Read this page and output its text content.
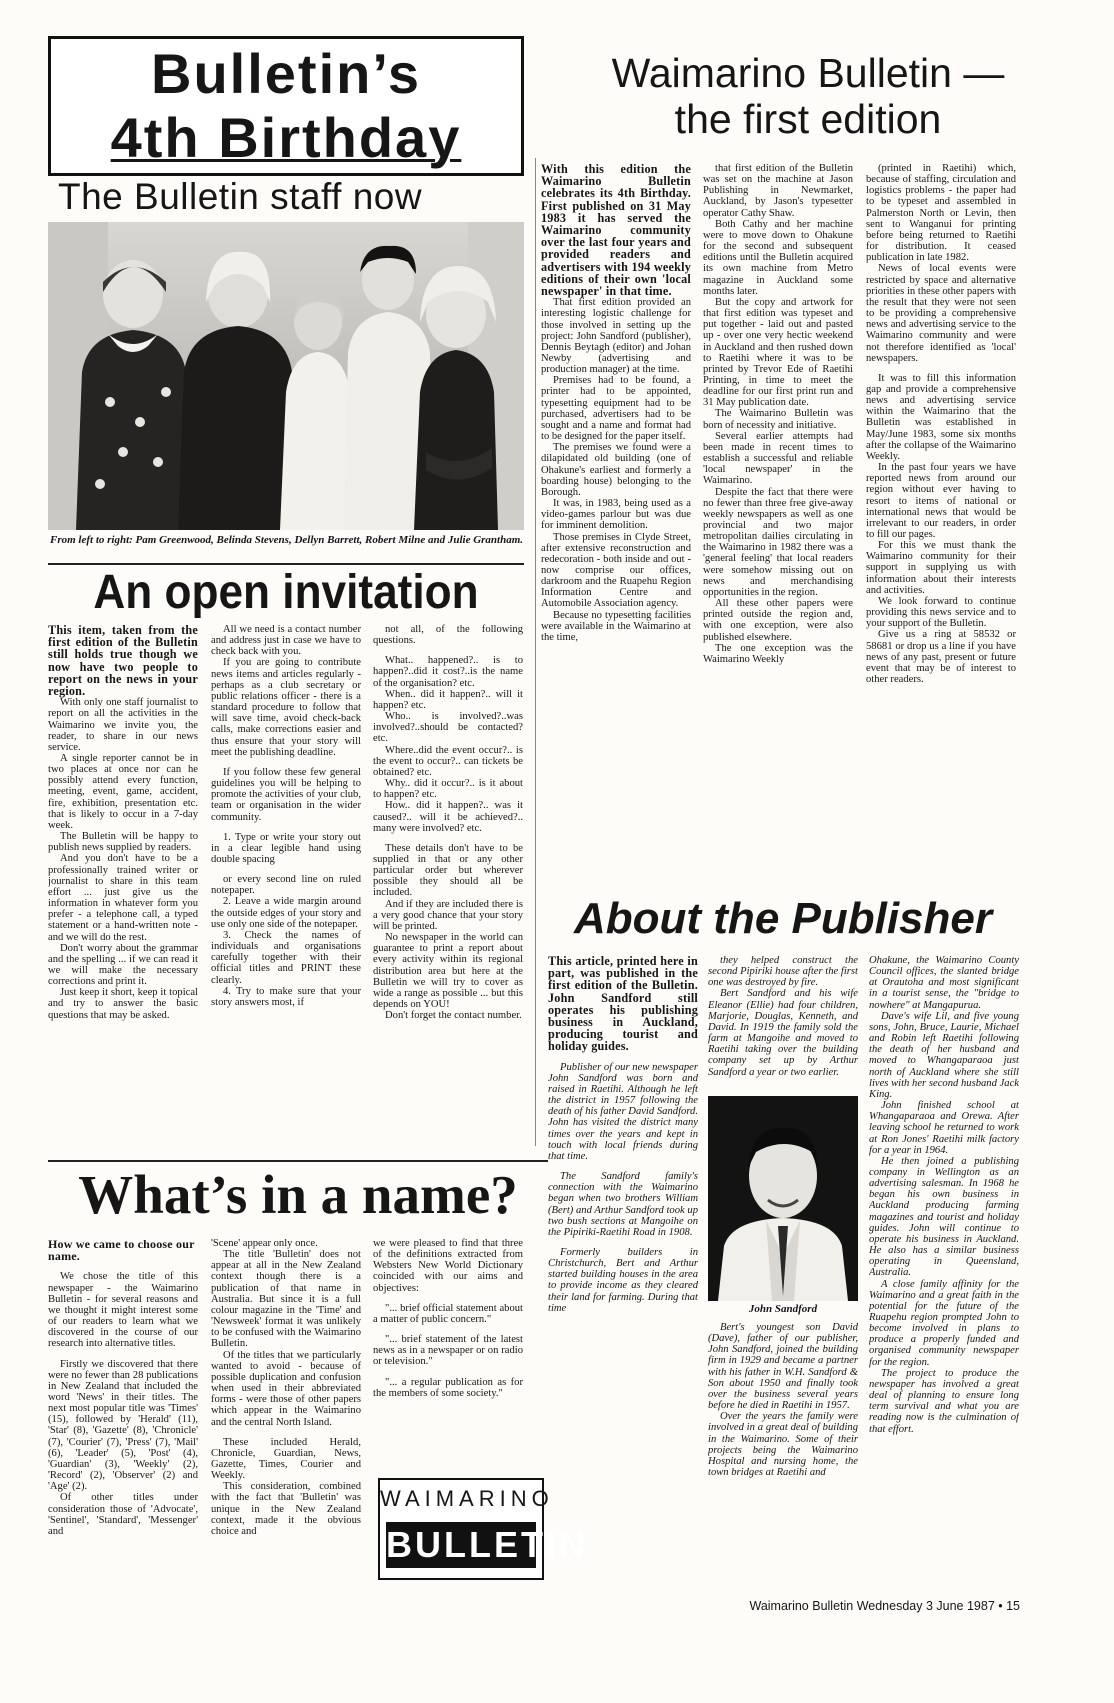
Bulletin’s
4th Birthday
The Bulletin staff now
From left to right: Pam Greenwood, Belinda Stevens, Dellyn Barrett, Robert Milne and Julie Grantham.
An open invitation

This item, taken from the first edition of the Bulletin still holds true though we now have two people to report on the news in your region.

With only one staff journalist to report on all the activities in the Waimarino we invite you, the reader, to share in our news service.

A single reporter cannot be in two places at once nor can he possibly attend every function, meeting, event, game, accident, fire, exhibition, presentation etc. that is likely to occur in a 7-day week.

The Bulletin will be happy to publish news supplied by readers.

And you don't have to be a professionally trained writer or journalist to share in this team effort ... just give us the information in whatever form you prefer - a telephone call, a typed statement or a hand-written note - and we will do the rest.

Don't worry about the grammar and the spelling ... if we can read it we will make the necessary corrections and print it.

Just keep it short, keep it topical and try to answer the basic questions that may be asked.

All we need is a contact number and address just in case we have to check back with you.

If you are going to contribute news items and articles regularly - perhaps as a club secretary or public relations officer - there is a standard procedure to follow that will save time, avoid check-back calls, make corrections easier and thus ensure that your story will meet the publishing deadline.

If you follow these few general guidelines you will be helping to promote the activities of your club, team or organisation in the wider community.

1. Type or write your story out in a clear legible hand using double spacing

or every second line on ruled notepaper.

2. Leave a wide margin around the outside edges of your story and use only one side of the notepaper.

3. Check the names of individuals and organisations carefully together with their official titles and PRINT these clearly.

4. Try to make sure that your story answers most, if

not all, of the following questions.

What.. happened?.. is to happen?..did it cost?..is the name of the organisation? etc.

When.. did it happen?.. will it happen? etc.

Who.. is involved?..was involved?..should be contacted? etc.

Where..did the event occur?.. is the event to occur?.. can tickets be obtained? etc.

Why.. did it occur?.. is it about to happen? etc.

How.. did it happen?.. was it caused?.. will it be achieved?.. many were involved? etc.

These details don't have to be supplied in that or any other particular order but wherever possible they should all be included.

And if they are included there is a very good chance that your story will be printed.

No newspaper in the world can guarantee to print a report about every activity within its regional distribution area but here at the Bulletin we will try to cover as wide a range as possible ... but this depends on YOU!

Don't forget the contact number.

Waimarino Bulletin —
the first edition

With this edition the Waimarino Bulletin celebrates its 4th Birthday. First published on 31 May 1983 it has served the Waimarino community over the last four years and provided readers and advertisers with 194 weekly editions of their own 'local newspaper' in that time.

That first edition provided an interesting logistic challenge for those involved in setting up the project: John Sandford (publisher), Dennis Beytagh (editor) and Johan Newby (advertising and production manager) at the time.

Premises had to be found, a printer had to be appointed, typesetting equipment had to be purchased, advertisers had to be sought and a name and format had to be designed for the paper itself.

The premises we found were a dilapidated old building (one of Ohakune's earliest and formerly a boarding house) belonging to the Borough.

It was, in 1983, being used as a video-games parlour but was due for imminent demolition.

Those premises in Clyde Street, after extensive reconstruction and redecoration - both inside and out - now comprise our offices, darkroom and the Ruapehu Region Information Centre and Automobile Association agency.

Because no typesetting facilities were available in the Waimarino at the time,

that first edition of the Bulletin was set on the machine at Jason Publishing in Newmarket, Auckland, by Jason's typesetter operator Cathy Shaw.

Both Cathy and her machine were to move down to Ohakune for the second and subsequent editions until the Bulletin acquired its own machine from Metro magazine in Auckland some months later.

But the copy and artwork for that first edition was typeset and put together - laid out and pasted up - over one very hectic weekend in Auckland and then rushed down to Raetihi where it was to be printed by Trevor Ede of Raetihi Printing, in time to meet the deadline for our first print run and 31 May publication date.

The Waimarino Bulletin was born of necessity and initiative.

Several earlier attempts had been made in recent times to establish a successful and reliable 'local newspaper' in the Waimarino.

Despite the fact that there were no fewer than three free give-away weekly newspapers as well as one provincial and two major metropolitan dailies circulating in the Waimarino in 1982 there was a 'general feeling' that local readers were somehow missing out on news and merchandising opportunities in the region.

All these other papers were printed outside the region and, with one exception, were also published elsewhere.

The one exception was the Waimarino Weekly

(printed in Raetihi) which, because of staffing, circulation and logistics problems - the paper had to be typeset and assembled in Palmerston North or Levin, then sent to Wanganui for printing before being returned to Raetihi for distribution. It ceased publication in late 1982.

News of local events were restricted by space and alternative priorities in these other papers with the result that they were not seen to be providing a comprehensive news and advertising service to the Waimarino community and were not therefore identified as 'local' newspapers.

It was to fill this information gap and provide a comprehensive news and advertising service within the Waimarino that the Bulletin was established in May/June 1983, some six months after the collapse of the Waimarino Weekly.

In the past four years we have reported news from around our region without ever having to resort to items of national or international news that would be irrelevant to our readers, in order to fill our pages.

For this we must thank the Waimarino community for their support in supplying us with information about their interests and activities.

We look forward to continue providing this news service and to your support of the Bulletin.

Give us a ring at 58532 or 58681 or drop us a line if you have news of any past, present or future event that may be of interest to other readers.

About the Publisher

This article, printed here in part, was published in the first edition of the Bulletin. John Sandford still operates his publishing business in Auckland, producing tourist and holiday guides.

Publisher of our new newspaper John Sandford was born and raised in Raetihi. Although he left the district in 1957 following the death of his father David Sandford. John has visited the district many times over the years and kept in touch with local friends during that time.

The Sandford family's connection with the Waimarino began when two brothers William (Bert) and Arthur Sandford took up two bush sections at Mangoihe on the Pipiriki-Raetihi Road in 1908.

Formerly builders in Christchurch, Bert and Arthur started building houses in the area to provide income as they cleared their land for farming. During that time

they helped construct the second Pipiriki house after the first one was destroyed by fire.

Bert Sandford and his wife Eleanor (Ellie) had four children, Marjorie, Douglas, Kenneth, and David. In 1919 the family sold the farm at Mangoihe and moved to Raetihi taking over the building company set up by Arthur Sandford a year or two earlier.

John Sandford

Bert's youngest son David (Dave), father of our publisher, John Sandford, joined the building firm in 1929 and became a partner with his father in W.H. Sandford & Son about 1950 and finally took over the business several years before he died in Raetihi in 1957.

Over the years the family were involved in a great deal of building in the Waimarino. Some of their projects being the Waimarino Hospital and nursing home, the town bridges at Raetihi and

Ohakune, the Waimarino County Council offices, the slanted bridge at Orautoha and most significant in a tourist sense, the "bridge to nowhere" at Mangapurua.

Dave's wife Lil, and five young sons, John, Bruce, Laurie, Michael and Robin left Raetihi following the death of her husband and moved to Whangaparaoa just north of Auckland where she still lives with her second husband Jack King.

John finished school at Whangaparaoa and Orewa. After leaving school he returned to work at Ron Jones' Raetihi milk factory for a year in 1964.

He then joined a publishing company in Wellington as an advertising salesman. In 1968 he began his own business in Auckland producing farming magazines and tourist and holiday guides. John will continue to operate his business in Auckland. He also has a similar business operating in Queensland, Australia.

A close family affinity for the Waimarino and a great faith in the potential for the future of the Ruapehu region prompted John to become involved in plans to produce a properly funded and organised community newspaper for the region.

The project to produce the newspaper has involved a great deal of planning to ensure long term survival and what you are reading now is the culmination of that effort.

What’s in a name?

How we came to choose our name.

We chose the title of this newspaper - the Waimarino Bulletin - for several reasons and we thought it might interest some of our readers to learn what we discovered in the course of our research into alternative titles.

Firstly we discovered that there were no fewer than 28 publications in New Zealand that included the word 'News' in their titles. The next most popular title was 'Times' (15), followed by 'Herald' (11), 'Star' (8), 'Gazette' (8), 'Chronicle' (7), 'Courier' (7), 'Press' (7), 'Mail' (6), 'Leader' (5), 'Post' (4), 'Guardian' (3), 'Weekly' (2), 'Record' (2), 'Observer' (2) and 'Age' (2).

Of other titles under consideration those of 'Advocate', 'Sentinel', 'Standard', 'Messenger' and

'Scene' appear only once.

The title 'Bulletin' does not appear at all in the New Zealand context though there is a publication of that name in Australia. But since it is a full colour magazine in the 'Time' and 'Newsweek' format it was unlikely to be confused with the Waimarino Bulletin.

Of the titles that we particularly wanted to avoid - because of possible duplication and confusion when used in their abbreviated forms - were those of other papers which appear in the Waimarino and the central North Island.

These included Herald, Chronicle, Guardian, News, Gazette, Times, Courier and Weekly.

This consideration, combined with the fact that 'Bulletin' was unique in the New Zealand context, made it the obvious choice and

we were pleased to find that three of the definitions extracted from Websters New World Dictionary coincided with our aims and objectives:

"... brief official statement about a matter of public concern."

"... brief statement of the latest news as in a newspaper or on radio or television."

"... a regular publication as for the members of some society."

WAIMARINO
BULLETIN
Waimarino Bulletin Wednesday 3 June 1987 • 15
